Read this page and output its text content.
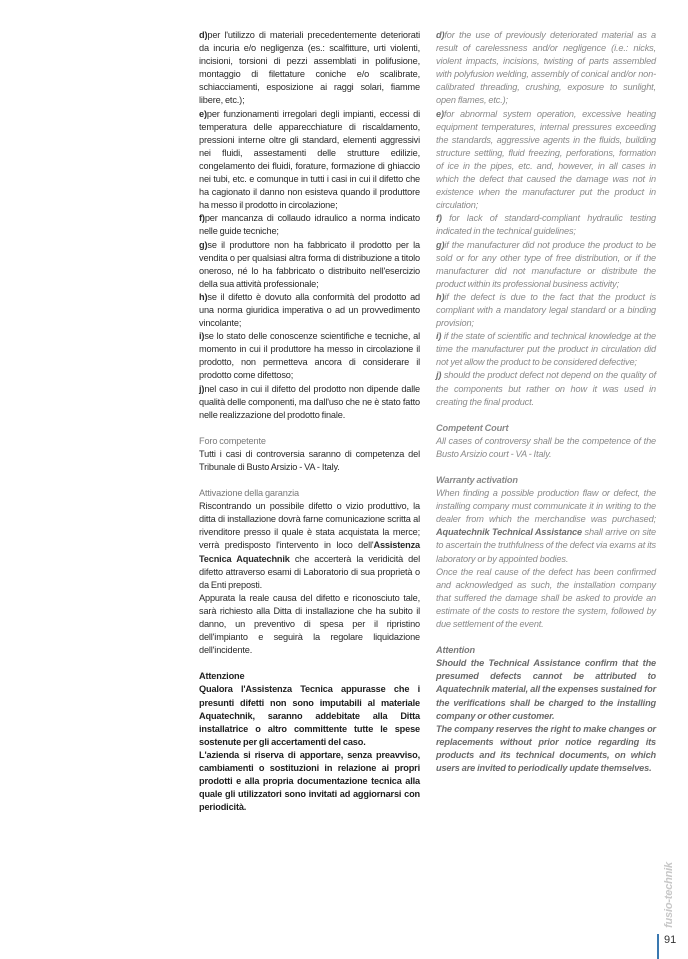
d)per l'utilizzo di materiali precedentemente deteriorati da incuria e/o negligenza (es.: scalfitture, urti violenti, incisioni, torsioni di pezzi assemblati in polifusione, montaggio di filettature coniche e/o scalibrate, schiacciamenti, esposizione ai raggi solari, fiamme libere, etc.);

e)per funzionamenti irregolari degli impianti, eccessi di temperatura delle apparecchiature di riscaldamento, pressioni interne oltre gli standard, elementi aggressivi nei fluidi, assestamenti delle strutture edilizie, congelamento dei fluidi, forature, formazione di ghiaccio nei tubi, etc. e comunque in tutti i casi in cui il difetto che ha cagionato il danno non esisteva quando il produttore ha messo il prodotto in circolazione;

f)per mancanza di collaudo idraulico a norma indicato nelle guide tecniche;

g)se il produttore non ha fabbricato il prodotto per la vendita o per qualsiasi altra forma di distribuzione a titolo oneroso, né lo ha fabbricato o distribuito nell'esercizio della sua attività professionale;

h)se il difetto è dovuto alla conformità del prodotto ad una norma giuridica imperativa o ad un provvedimento vincolante;

i)se lo stato delle conoscenze scientifiche e tecniche, al momento in cui il produttore ha messo in circolazione il prodotto, non permetteva ancora di considerare il prodotto come difettoso;

j)nel caso in cui il difetto del prodotto non dipende dalle qualità delle componenti, ma dall'uso che ne è stato fatto nelle realizzazione del prodotto finale.

Foro competente

Tutti i casi di controversia saranno di competenza del Tribunale di Busto Arsizio - VA - Italy.

Attivazione della garanzia

Riscontrando un possibile difetto o vizio produttivo, la ditta di installazione dovrà farne comunicazione scritta al rivenditore presso il quale è stata acquistata la merce; verrà predisposto l'intervento in loco dell'Assistenza Tecnica Aquatechnik che accerterà la veridicità del difetto attraverso esami di Laboratorio di sua proprietà o da Enti preposti.

Appurata la reale causa del difetto e riconosciuto tale, sarà richiesto alla Ditta di installazione che ha subito il danno, un preventivo di spesa per il ripristino dell'impianto e seguirà la regolare liquidazione dell'incidente.

Attenzione

Qualora l'Assistenza Tecnica appurasse che i presunti difetti non sono imputabili al materiale Aquatechnik, saranno addebitate alla Ditta installatrice o altro committente tutte le spese sostenute per gli accertamenti del caso.

L'azienda si riserva di apportare, senza preavviso, cambiamenti o sostituzioni in relazione ai propri prodotti e alla propria documentazione tecnica alla quale gli utilizzatori sono invitati ad aggiornarsi con periodicità.

d)for the use of previously deteriorated material as a result of carelessness and/or negligence (i.e.: nicks, violent impacts, incisions, twisting of parts assembled with polyfusion welding, assembly of conical and/or non-calibrated threading, crushing, exposure to sunlight, open flames, etc.);

e)for abnormal system operation, excessive heating equipment temperatures, internal pressures exceeding the standards, aggressive agents in the fluids, building structure settling, fluid freezing, perforations, formation of ice in the pipes, etc. and, however, in all cases in which the defect that caused the damage was not in existence when the manufacturer put the product in circulation;

f) for lack of standard-compliant hydraulic testing indicated in the technical guidelines;

g)if the manufacturer did not produce the product to be sold or for any other type of free distribution, or if the manufacturer did not manufacture or distribute the product within its professional business activity;

h)if the defect is due to the fact that the product is compliant with a mandatory legal standard or a binding provision;

i) if the state of scientific and technical knowledge at the time the manufacturer put the product in circulation did not yet allow the product to be considered defective;

j) should the product defect not depend on the quality of the components but rather on how it was used in creating the final product.

Competent Court

All cases of controversy shall be the competence of the Busto Arsizio court - VA - Italy.

Warranty activation

When finding a possible production flaw or defect, the installing company must communicate it in writing to the dealer from which the merchandise was purchased; Aquatechnik Technical Assistance shall arrive on site to ascertain the truthfulness of the defect via exams at its laboratory or by appointed bodies.

Once the real cause of the defect has been confirmed and acknowledged as such, the installation company that suffered the damage shall be asked to provide an estimate of the costs to restore the system, followed by due settlement of the event.

Attention

Should the Technical Assistance confirm that the presumed defects cannot be attributed to Aquatechnik material, all the expenses sustained for the verifications shall be charged to the installing company or other customer.

The company reserves the right to make changes or replacements without prior notice regarding its products and its technical documents, on which users are invited to periodically update themselves.

fusio-technik
91
